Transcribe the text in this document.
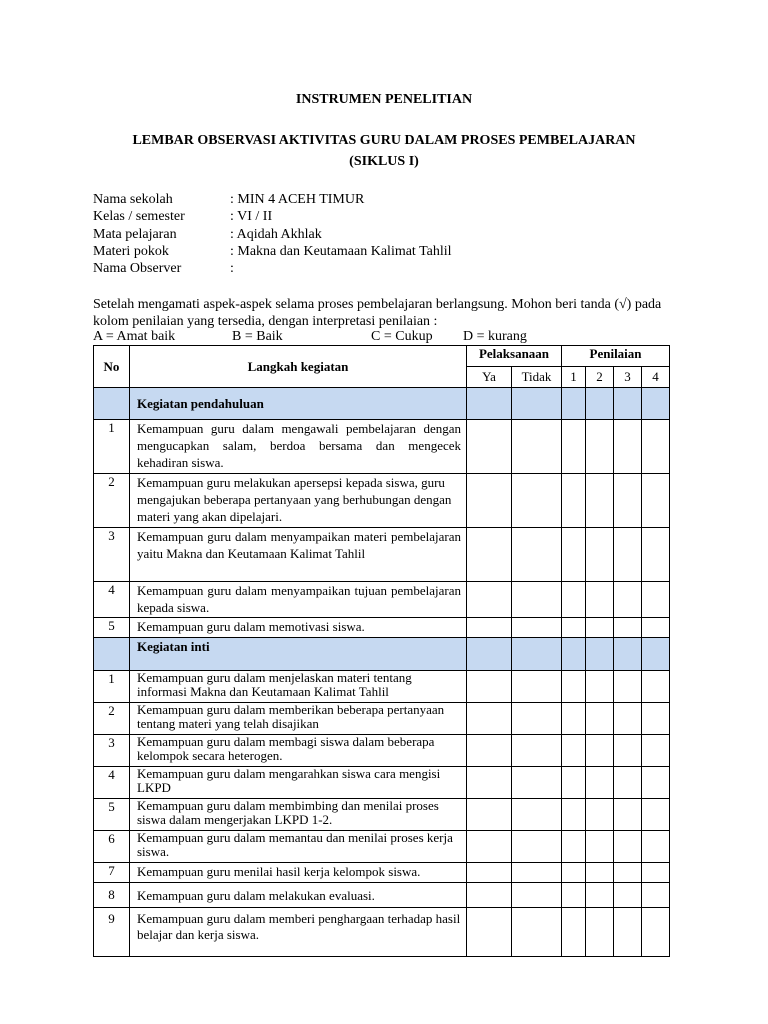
INSTRUMEN PENELITIAN
LEMBAR OBSERVASI AKTIVITAS GURU DALAM PROSES PEMBELAJARAN
(SIKLUS I)
Nama sekolah	: MIN 4 ACEH TIMUR
Kelas / semester	: VI / II
Mata pelajaran	: Aqidah Akhlak
Materi pokok	: Makna dan Keutamaan Kalimat Tahlil
Nama Observer	:
Setelah mengamati aspek-aspek selama proses pembelajaran berlangsung. Mohon beri tanda (√) pada kolom penilaian yang tersedia, dengan interpretasi penilaian :
A = Amat baik	B = Baik	C = Cukup D = kurang
No	Langkah kegiatan	Pelaksanaan		Penilaian			
		Ya	Tidak	1	2	3	4
	Kegiatan pendahuluan						
1	Kemampuan guru dalam mengawali pembelajaran dengan mengucapkan salam, berdoa bersama dan mengecek kehadiran siswa.						
2	Kemampuan guru melakukan apersepsi kepada siswa, guru mengajukan beberapa pertanyaan yang berhubungan dengan materi yang akan dipelajari.						
3	Kemampuan guru dalam menyampaikan materi pembelajaran yaitu Makna dan Keutamaan Kalimat Tahlil						
4	Kemampuan guru dalam menyampaikan tujuan pembelajaran kepada siswa.						
5	Kemampuan guru dalam memotivasi siswa.						
	Kegiatan inti						
1	Kemampuan guru dalam menjelaskan materi tentang informasi Makna dan Keutamaan Kalimat Tahlil						
2	Kemampuan guru dalam memberikan beberapa pertanyaan tentang materi yang telah disajikan						
3	Kemampuan guru dalam membagi siswa dalam beberapa kelompok secara heterogen.						
4	Kemampuan guru dalam mengarahkan siswa cara mengisi LKPD						
5	Kemampuan guru dalam membimbing dan menilai proses siswa dalam mengerjakan LKPD 1-2.						
6	Kemampuan guru dalam memantau dan menilai proses kerja siswa.						
7	Kemampuan guru menilai hasil kerja kelompok siswa.						
8	Kemampuan guru dalam melakukan evaluasi.						
9	Kemampuan guru dalam memberi penghargaan terhadap hasil belajar dan kerja siswa.						
